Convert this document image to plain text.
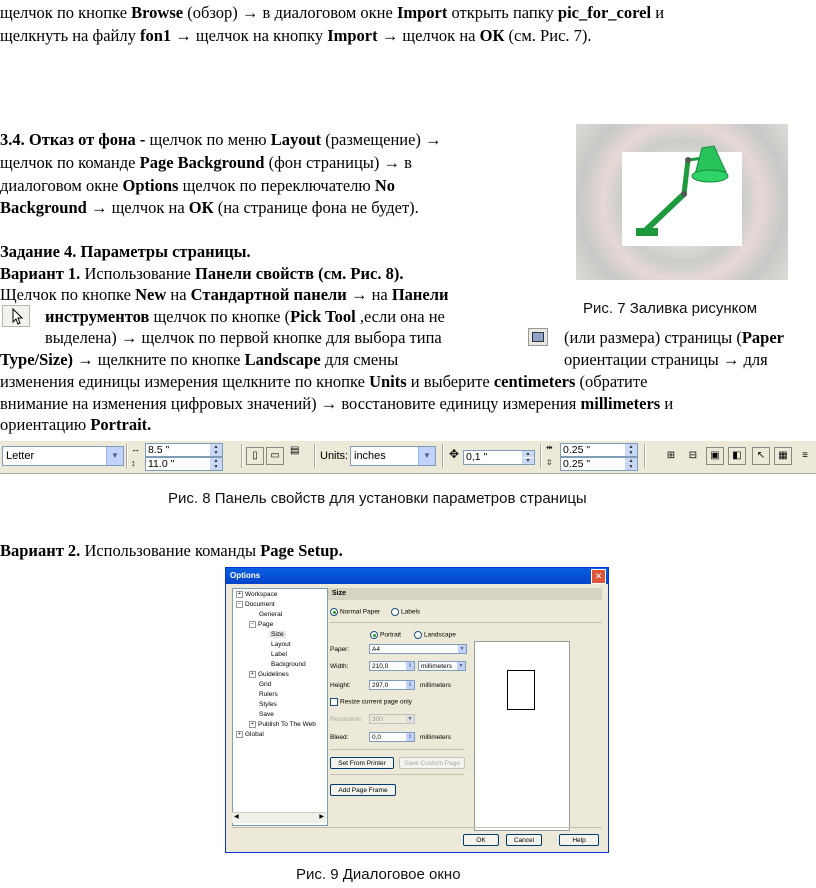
щелчок по кнопке Browse (обзор) → в диалоговом окне Import открыть папку pic_for_corel и
щелкнуть на файлу fon1 → щелчок на кнопку Import → щелчок на ОК (см. Рис. 7).
3.4. Отказ от фона - щелчок по меню Layout (размещение) →
щелчок по команде Page Background (фон страницы) → в
диалоговом окне Options щелчок по переключателю No
Background → щелчок на ОК (на странице фона не будет).
Рис. 7 Заливка рисунком
Задание 4. Параметры страницы.
Вариант 1. Использование Панели свойств (см. Рис. 8).
Щелчок по кнопке New на Стандартной панели → на Панели
инструментов щелчок по кнопке (Pick Tool ,если она не
выделена) → щелчок по первой кнопке для выбора типа	(или размера) страницы (Paper
Type/Size) → щелкните по кнопке Landscape для смены	ориентации страницы → для
изменения единицы измерения щелкните по кнопке Units и выберите centimeters (обратите
внимание на изменения цифровых значений) → восстановите единицу измерения millimeters и
ориентацию Portrait.
Letter	▼
↔ 8.5 "	▲
▼
↕ 11.0 "	▲
▼
▯	▭	▤	Units: inches	▼	✥ 0,1 "	▲
▼
⇹ 0.25 "	▲
▼
⇳ 0.25 "	▲
▼
⊞	⊟	▣	◧	↖	▦	≡
Рис. 8 Панель свойств для установки параметров страницы
Вариант 2. Использование команды Page Setup.
Options	✕
+ Workspace
− Document
General
− Page
Size
Layout
Label
Background
+ Guidelines
Grid
Rulers
Styles
Save
+ Publish To The Web
+ Global
◀	▶
Size
Normal Paper	Labels
Portrait	Landscape
Paper:	A4	▼
Width:	210,0	⇕	millimeters	▼
Height:	297,0	⇕ millimeters
Resize current page only
Resolution:	300	▼
Bleed:	0,0	⇕ millimeters
Set From Printer	Save Custom Page
Add Page Frame
OK	Cancel	Help
Рис. 9 Диалоговое окно
